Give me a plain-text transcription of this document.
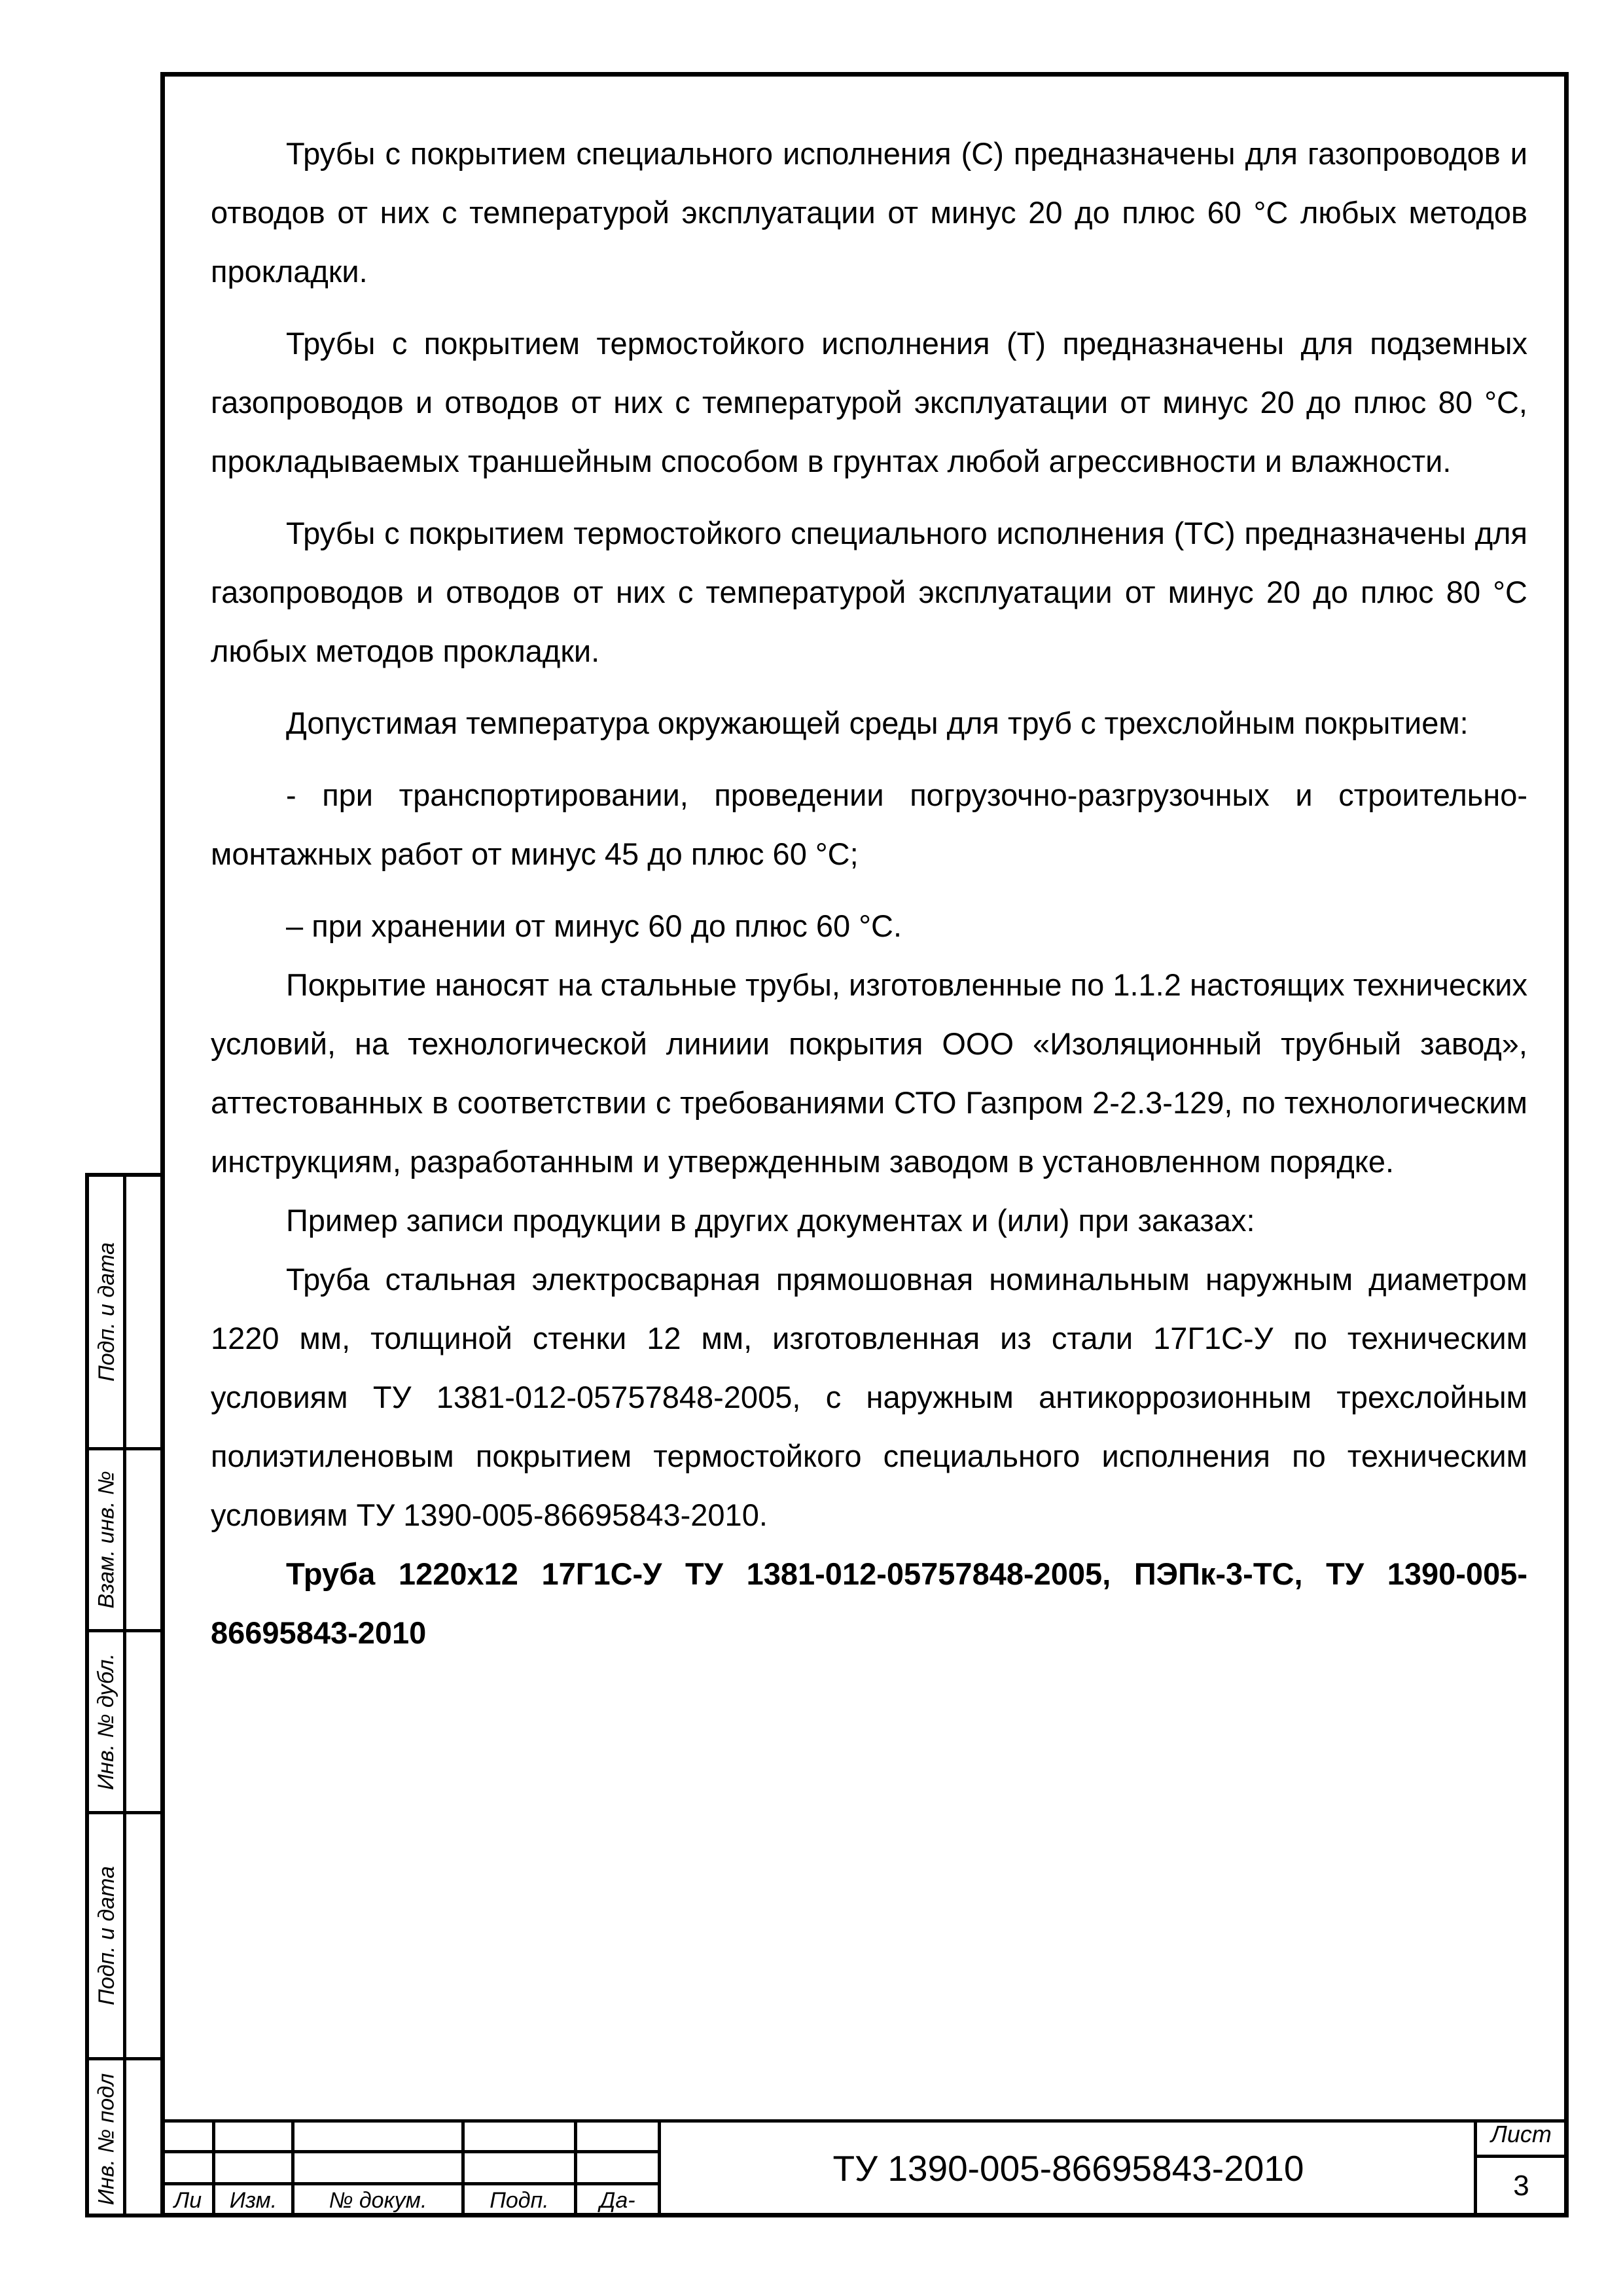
Трубы с покрытием специального исполнения (С) предназначены для газопроводов и отводов от них с температурой эксплуатации от минус 20 до плюс 60 °С любых методов прокладки.

Трубы с покрытием термостойкого исполнения (Т) предназначены для подземных газопроводов и отводов от них с температурой эксплуатации от минус 20 до плюс 80 °С, прокладываемых траншейным способом в грунтах любой агрессивности и влажности.

Трубы с покрытием термостойкого специального исполнения (ТС) предназначены для газопроводов и отводов от них с температурой эксплуатации от минус 20 до плюс 80 °С любых методов прокладки.

Допустимая температура окружающей среды для труб с трехслойным покрытием:

- при транспортировании, проведении погрузочно-разгрузочных и строительно-монтажных работ от минус 45 до плюс 60 °С;

– при хранении от минус 60 до плюс 60 °С.

Покрытие наносят на стальные трубы, изготовленные по 1.1.2 настоящих технических условий, на технологической линиии покрытия ООО «Изоляционный трубный завод», аттестованных в соответствии с требованиями СТО Газпром 2-2.3-129, по технологическим инструкциям, разработанным и утвержденным заводом в установленном порядке.

Пример записи продукции в других документах и (или) при заказах:

Труба стальная электросварная прямошовная номинальным наружным диаметром 1220 мм, толщиной стенки 12 мм, изготовленная из стали 17Г1С-У по техническим условиям ТУ 1381-012-05757848-2005, с наружным антикоррозионным трехслойным полиэтиленовым покрытием термостойкого специального исполнения по техническим условиям ТУ 1390-005-86695843-2010.

Труба 1220х12 17Г1С-У ТУ 1381-012-05757848-2005, ПЭПк-3-ТС, ТУ 1390-005-86695843-2010

Подп. и дата
Взам. инв. №
Инв. № дубл.
Подп. и дата
Инв. № подл	Ли	Изм.	№ докум.	Подп.	Да-
ТУ 1390-005-86695843-2010
Лист
3
